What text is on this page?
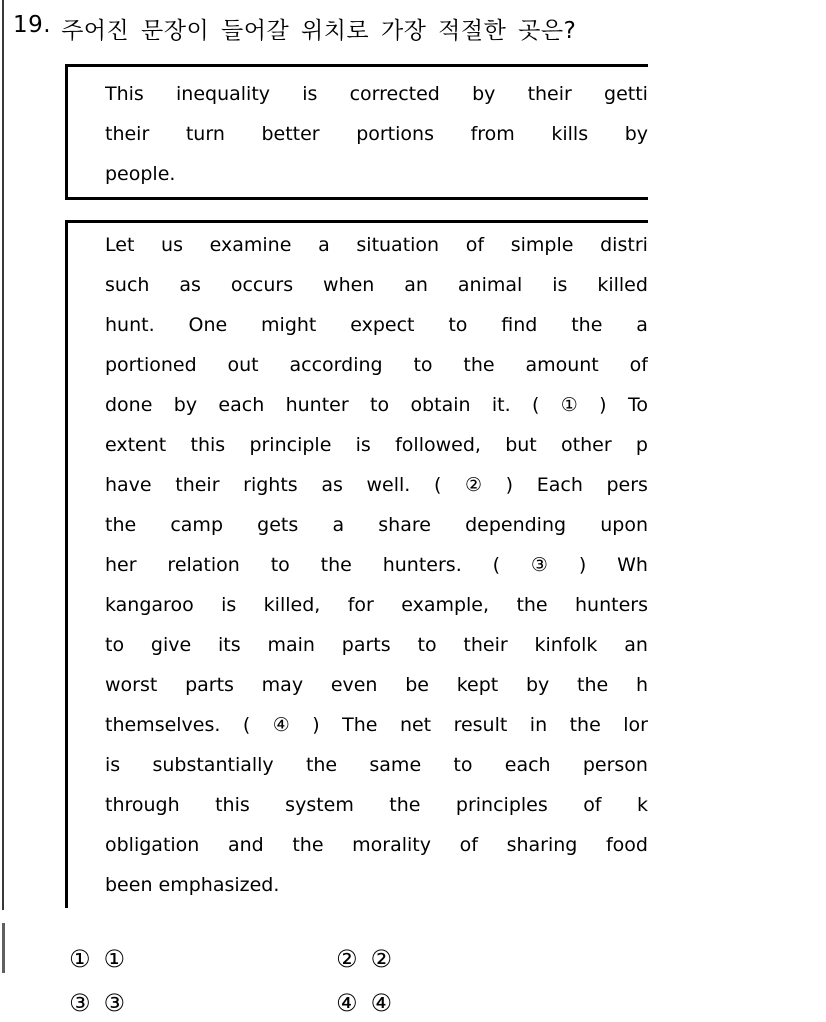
19. 주어진 문장이 들어갈 위치로 가장 적절한 곳은?
This inequality is corrected by their getti
their turn better portions from kills by
people.
Let us examine a situation of simple distri
such as occurs when an animal is killed
hunt. One might expect to find the a
portioned out according to the amount of
done by each hunter to obtain it. ( ① ) To
extent this principle is followed, but other p
have their rights as well. ( ② ) Each pers
the camp gets a share depending upon
her relation to the hunters. ( ③ ) Wh
kangaroo is killed, for example, the hunters
to give its main parts to their kinfolk an
worst parts may even be kept by the h
themselves. ( ④ ) The net result in the lor
is substantially the same to each person
through this system the principles of k
obligation and the morality of sharing food
been emphasized.
① ①	② ②
③ ③	④ ④
